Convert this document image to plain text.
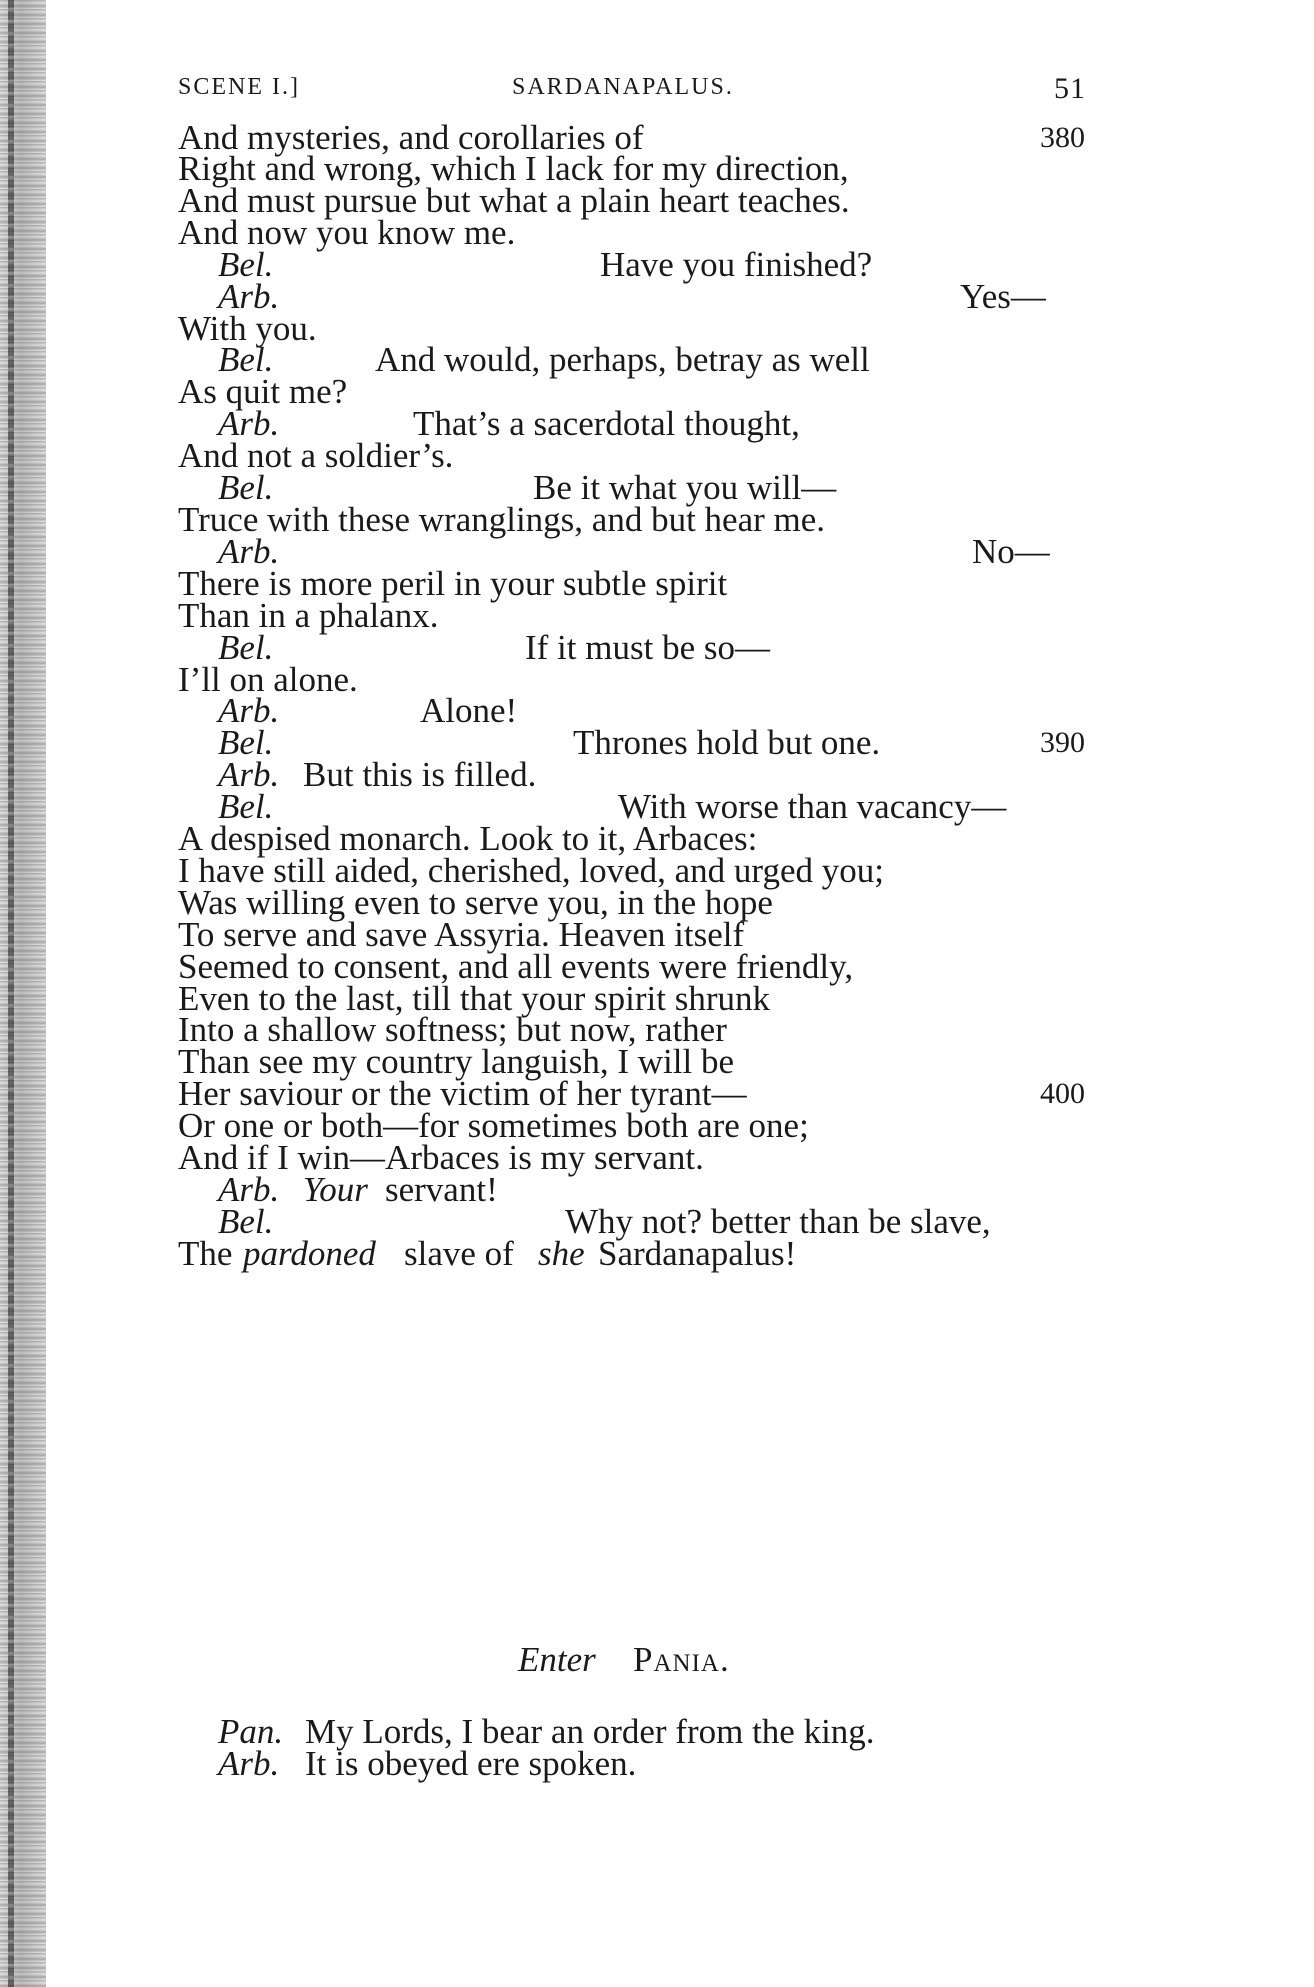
SCENE I.]	SARDANAPALUS.	51
And mysteries, and corollaries of	380
Right and wrong, which I lack for my direction,
And must pursue but what a plain heart teaches.
And now you know me.
Bel.	Have you finished?
Arb.	Yes—
With you.
Bel.	And would, perhaps, betray as well
As quit me?
Arb.	That’s a sacerdotal thought,
And not a soldier’s.
Bel.	Be it what you will—
Truce with these wranglings, and but hear me.
Arb.	No—
There is more peril in your subtle spirit
Than in a phalanx.
Bel.	If it must be so—
I’ll on alone.
Arb.	Alone!
Bel.	Thrones hold but one.	390
Arb. But this is filled.
Bel.	With worse than vacancy—
A despised monarch. Look to it, Arbaces:
I have still aided, cherished, loved, and urged you;
Was willing even to serve you, in the hope
To serve and save Assyria. Heaven itself
Seemed to consent, and all events were friendly,
Even to the last, till that your spirit shrunk
Into a shallow softness; but now, rather
Than see my country languish, I will be
Her saviour or the victim of her tyrant—	400
Or one or both—for sometimes both are one;
And if I win—Arbaces is my servant.
Arb. Your servant!
Bel.	Why not? better than be slave,
The pardoned slave of she Sardanapalus!
Enter Pania.
Pan. My Lords, I bear an order from the king.
Arb. It is obeyed ere spoken.
